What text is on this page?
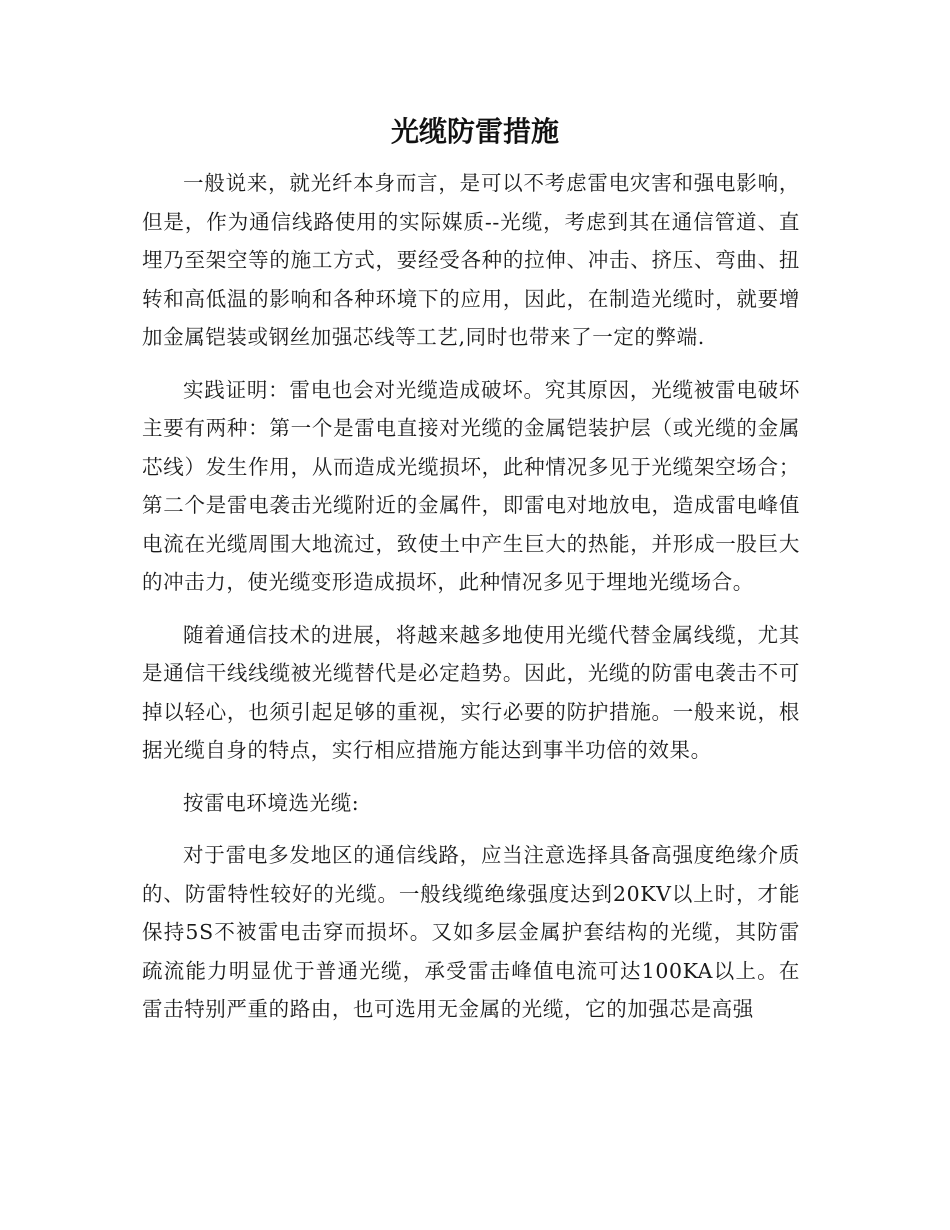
光缆防雷措施

一般说来，就光纤本身而言，是可以不考虑雷电灾害和强电影响，但是，作为通信线路使用的实际媒质--光缆，考虑到其在通信管道、直埋乃至架空等的施工方式，要经受各种的拉伸、冲击、挤压、弯曲、扭转和高低温的影响和各种环境下的应用，因此，在制造光缆时，就要增加金属铠装或钢丝加强芯线等工艺,同时也带来了一定的弊端.

实践证明：雷电也会对光缆造成破坏。究其原因，光缆被雷电破坏主要有两种：第一个是雷电直接对光缆的金属铠装护层（或光缆的金属芯线）发生作用，从而造成光缆损坏，此种情况多见于光缆架空场合；第二个是雷电袭击光缆附近的金属件，即雷电对地放电，造成雷电峰值电流在光缆周围大地流过，致使土中产生巨大的热能，并形成一股巨大的冲击力，使光缆变形造成损坏，此种情况多见于埋地光缆场合。

随着通信技术的进展，将越来越多地使用光缆代替金属线缆，尤其是通信干线线缆被光缆替代是必定趋势。因此，光缆的防雷电袭击不可掉以轻心，也须引起足够的重视，实行必要的防护措施。一般来说，根据光缆自身的特点，实行相应措施方能达到事半功倍的效果。

按雷电环境选光缆:

对于雷电多发地区的通信线路，应当注意选择具备高强度绝缘介质的、防雷特性较好的光缆。一般线缆绝缘强度达到20KV以上时，才能保持5S不被雷电击穿而损坏。又如多层金属护套结构的光缆，其防雷疏流能力明显优于普通光缆，承受雷击峰值电流可达100KA以上。在雷击特别严重的路由，也可选用无金属的光缆，它的加强芯是高强
